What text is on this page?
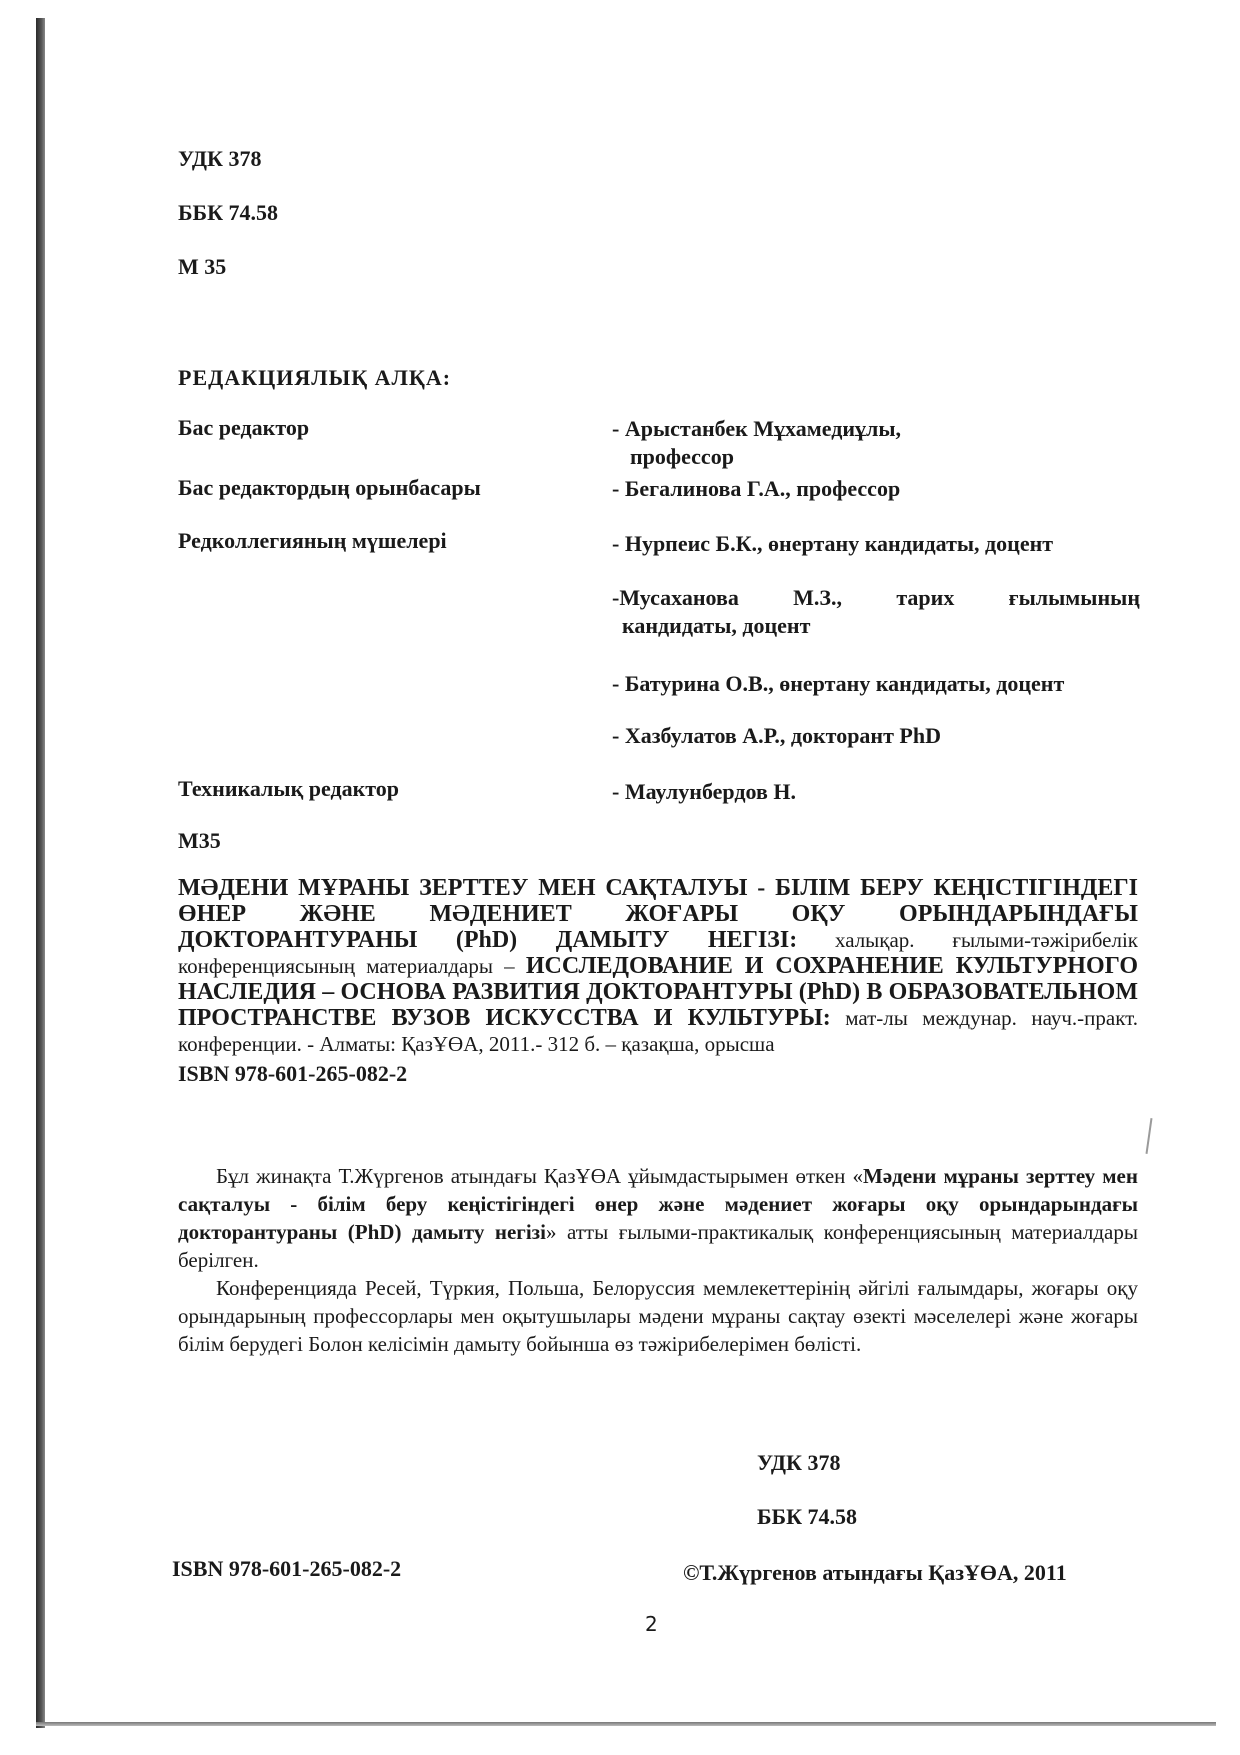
УДК 378
ББК 74.58
М 35
РЕДАКЦИЯЛЫҚ АЛҚА:
Бас редактор	- Арыстанбек Мұхамедиұлы,
профессор
Бас редактордың орынбасары	- Бегалинова Г.А., профессор
Редколлегияның мүшелері	- Нурпеис Б.К., өнертану кандидаты, доцент
-Мусаханова М.З., тарих ғылымының
кандидаты, доцент
- Батурина О.В., өнертану кандидаты, доцент
- Хазбулатов А.Р., докторант PhD
Техникалық редактор	- Маулунбердов Н.
М35
МӘДЕНИ МҰРАНЫ ЗЕРТТЕУ МЕН САҚТАЛУЫ - БІЛІМ БЕРУ КЕҢІСТІГІНДЕГІ ӨНЕР ЖӘНЕ МӘДЕНИЕТ ЖОҒАРЫ ОҚУ ОРЫНДАРЫНДАҒЫ ДОКТОРАНТУРАНЫ (PhD) ДАМЫТУ НЕГІЗІ: халықар. ғылыми-тәжірибелік конференциясының материалдары – ИССЛЕДОВАНИЕ И СОХРАНЕНИЕ КУЛЬТУРНОГО НАСЛЕДИЯ – ОСНОВА РАЗВИТИЯ ДОКТОРАНТУРЫ (PhD) В ОБРАЗОВАТЕЛЬНОМ ПРОСТРАНСТВЕ ВУЗОВ ИСКУССТВА И КУЛЬТУРЫ: мат-лы междунар. науч.-практ. конференции. - Алматы: ҚазҰӨА, 2011.- 312 б. – қазақша, орысша
ISBN 978-601-265-082-2

Бұл жинақта Т.Жүргенов атындағы ҚазҰӨА ұйымдастырымен өткен «Мәдени мұраны зерттеу мен сақталуы - білім беру кеңістігіндегі өнер және мәдениет жоғары оқу орындарындағы докторантураны (PhD) дамыту негізі» атты ғылыми-практикалық конференциясының материалдары берілген.

Конференцияда Ресей, Түркия, Польша, Белоруссия мемлекеттерінің әйгілі ғалымдары, жоғары оқу орындарының профессорлары мен оқытушылары мәдени мұраны сақтау өзекті мәселелері және жоғары білім берудегі Болон келісімін дамыту бойынша өз тәжірибелерімен бөлісті.

УДК 378
ББК 74.58
ISBN 978-601-265-082-2	©Т.Жүргенов атындағы ҚазҰӨА, 2011
2
